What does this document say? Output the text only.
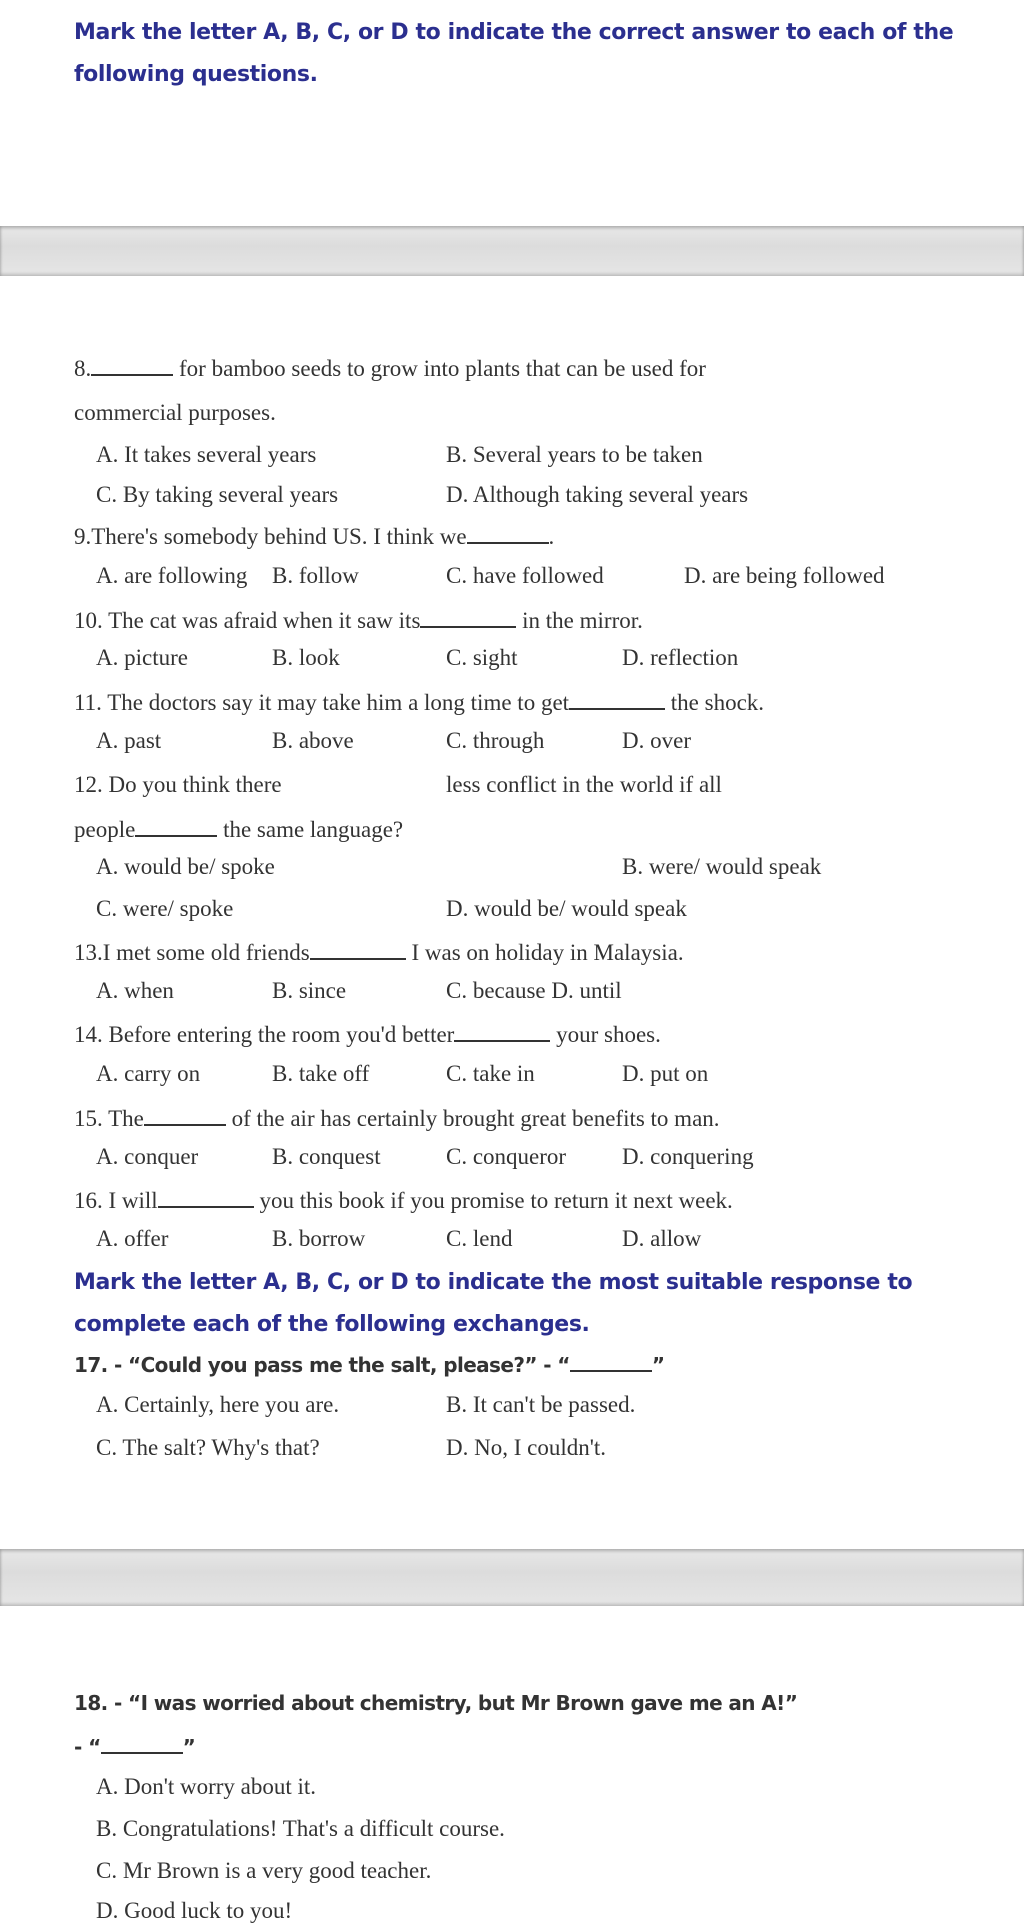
Mark the letter A, B, C, or D to indicate the correct answer to each of the following questions.

8.	for bamboo seeds to grow into plants that can be used for
commercial purposes.
A. It takes several years	B. Several years to be taken
C. By taking several years	D. Although taking several years
9.There's somebody behind US. I think we	.
A. are following B. follow	C. have followed	D. are being followed
10. The cat was afraid when it saw its	in the mirror.
A. picture	B. look	C. sight	D. reflection
11. The doctors say it may take him a long time to get	the shock.
A. past	B. above	C. through	D. over
12. Do you think there	less conflict in the world if all
people	the same language?
A. would be/ spoke	B. were/ would speak
C. were/ spoke	D. would be/ would speak
13.I met some old friends	I was on holiday in Malaysia.
A. when	B. since	C. because D. until
14. Before entering the room you'd better	your shoes.
A. carry on	B. take off	C. take in	D. put on
15. The	of the air has certainly brought great benefits to man.
A. conquer	B. conquest	C. conqueror D. conquering
16. I will	you this book if you promise to return it next week.
A. offer	B. borrow	C. lend	D. allow

Mark the letter A, B, C, or D to indicate the most suitable response to complete each of the following exchanges.

17. - “Could you pass me the salt, please?” - “	”
A. Certainly, here you are.	B. It can't be passed.
C. The salt? Why's that?	D. No, I couldn't.
18. - “I was worried about chemistry, but Mr Brown gave me an A!”
- “	”
A. Don't worry about it.
B. Congratulations! That's a difficult course.
C. Mr Brown is a very good teacher.
D. Good luck to you!
